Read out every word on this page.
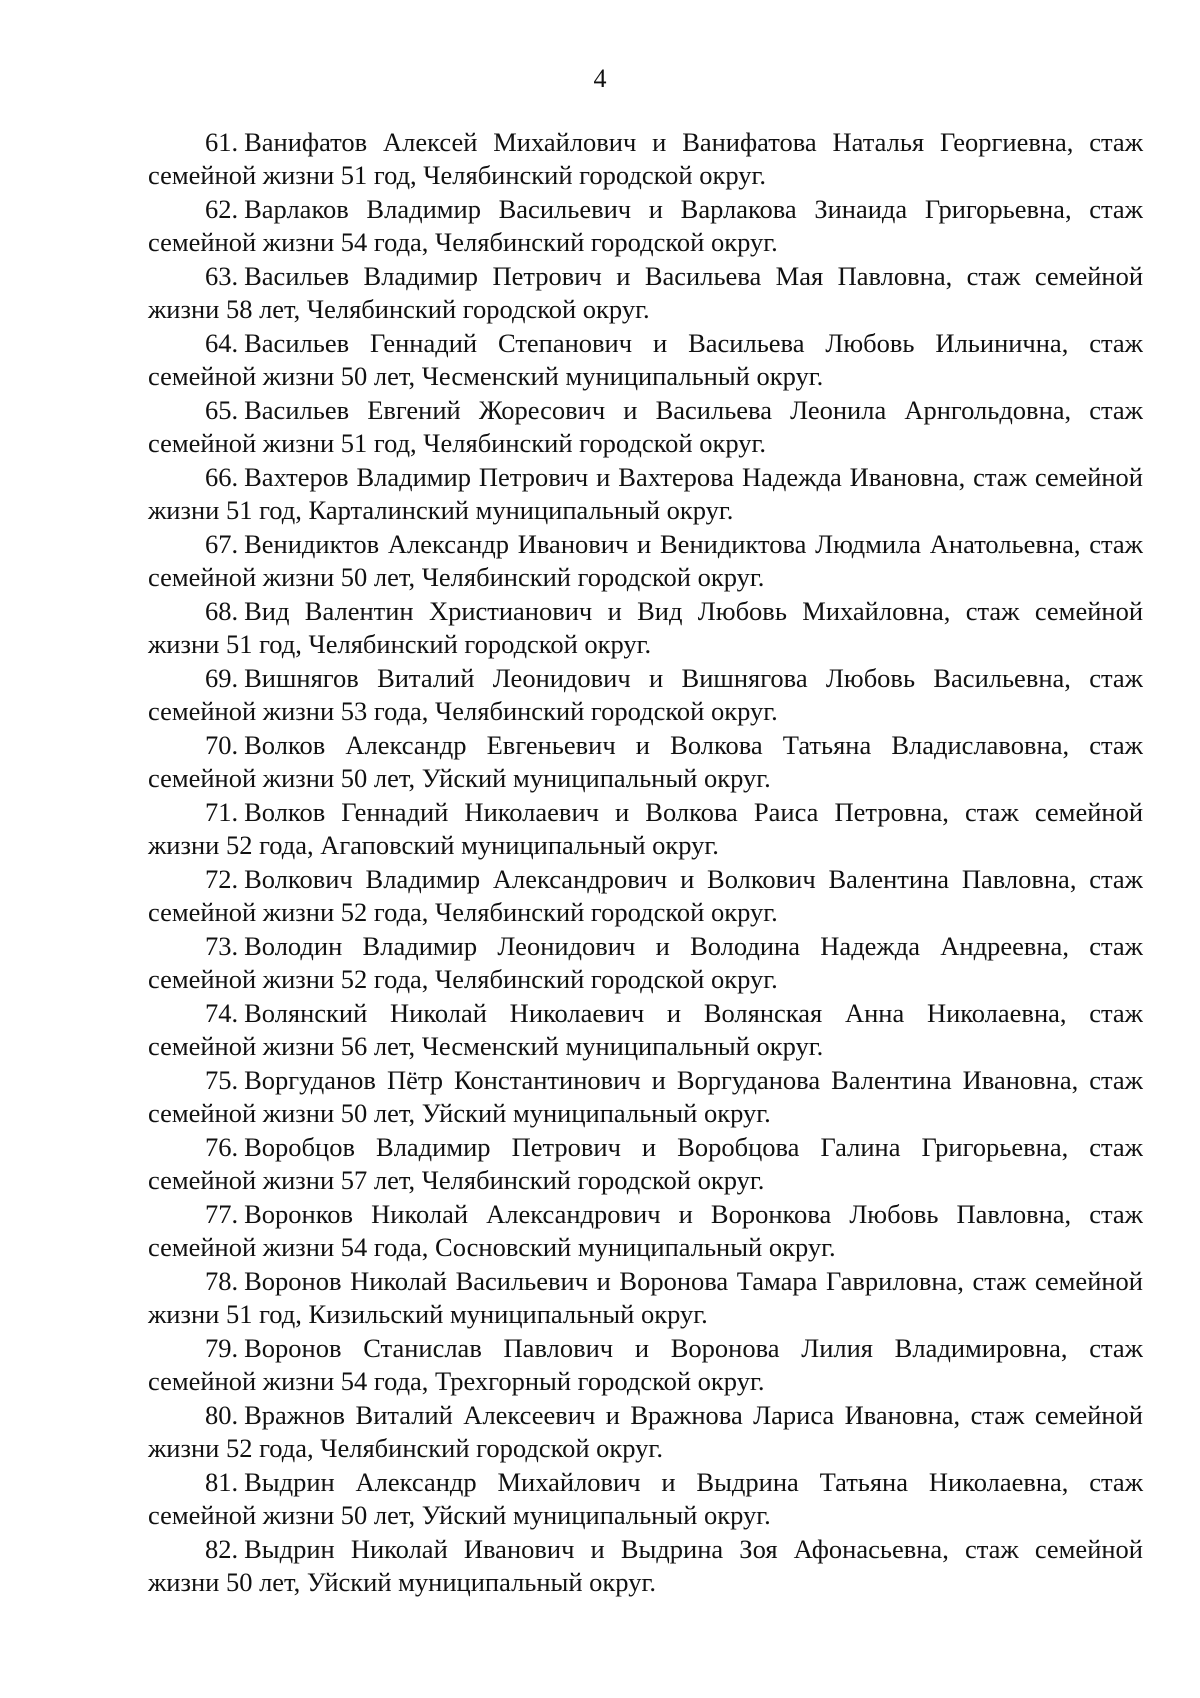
4

61. Ванифатов Алексей Михайлович и Ванифатова Наталья Георгиевна, стаж семейной жизни 51 год, Челябинский городской округ.

62. Варлаков Владимир Васильевич и Варлакова Зинаида Григорьевна, стаж семейной жизни 54 года, Челябинский городской округ.

63. Васильев Владимир Петрович и Васильева Мая Павловна, стаж семейной жизни 58 лет, Челябинский городской округ.

64. Васильев Геннадий Степанович и Васильева Любовь Ильинична, стаж семейной жизни 50 лет, Чесменский муниципальный округ.

65. Васильев Евгений Жоресович и Васильева Леонила Арнгольдовна, стаж семейной жизни 51 год, Челябинский городской округ.

66. Вахтеров Владимир Петрович и Вахтерова Надежда Ивановна, стаж семейной жизни 51 год, Карталинский муниципальный округ.

67. Венидиктов Александр Иванович и Венидиктова Людмила Анатольевна, стаж семейной жизни 50 лет, Челябинский городской округ.

68. Вид Валентин Христианович и Вид Любовь Михайловна, стаж семейной жизни 51 год, Челябинский городской округ.

69. Вишнягов Виталий Леонидович и Вишнягова Любовь Васильевна, стаж семейной жизни 53 года, Челябинский городской округ.

70. Волков Александр Евгеньевич и Волкова Татьяна Владиславовна, стаж семейной жизни 50 лет, Уйский муниципальный округ.

71. Волков Геннадий Николаевич и Волкова Раиса Петровна, стаж семейной жизни 52 года, Агаповский муниципальный округ.

72. Волкович Владимир Александрович и Волкович Валентина Павловна, стаж семейной жизни 52 года, Челябинский городской округ.

73. Володин Владимир Леонидович и Володина Надежда Андреевна, стаж семейной жизни 52 года, Челябинский городской округ.

74. Волянский Николай Николаевич и Волянская Анна Николаевна, стаж семейной жизни 56 лет, Чесменский муниципальный округ.

75. Воргуданов Пётр Константинович и Воргуданова Валентина Ивановна, стаж семейной жизни 50 лет, Уйский муниципальный округ.

76. Воробцов Владимир Петрович и Воробцова Галина Григорьевна, стаж семейной жизни 57 лет, Челябинский городской округ.

77. Воронков Николай Александрович и Воронкова Любовь Павловна, стаж семейной жизни 54 года, Сосновский муниципальный округ.

78. Воронов Николай Васильевич и Воронова Тамара Гавриловна, стаж семейной жизни 51 год, Кизильский муниципальный округ.

79. Воронов Станислав Павлович и Воронова Лилия Владимировна, стаж семейной жизни 54 года, Трехгорный городской округ.

80. Вражнов Виталий Алексеевич и Вражнова Лариса Ивановна, стаж семейной жизни 52 года, Челябинский городской округ.

81. Выдрин Александр Михайлович и Выдрина Татьяна Николаевна, стаж семейной жизни 50 лет, Уйский муниципальный округ.

82. Выдрин Николай Иванович и Выдрина Зоя Афонасьевна, стаж семейной жизни 50 лет, Уйский муниципальный округ.
